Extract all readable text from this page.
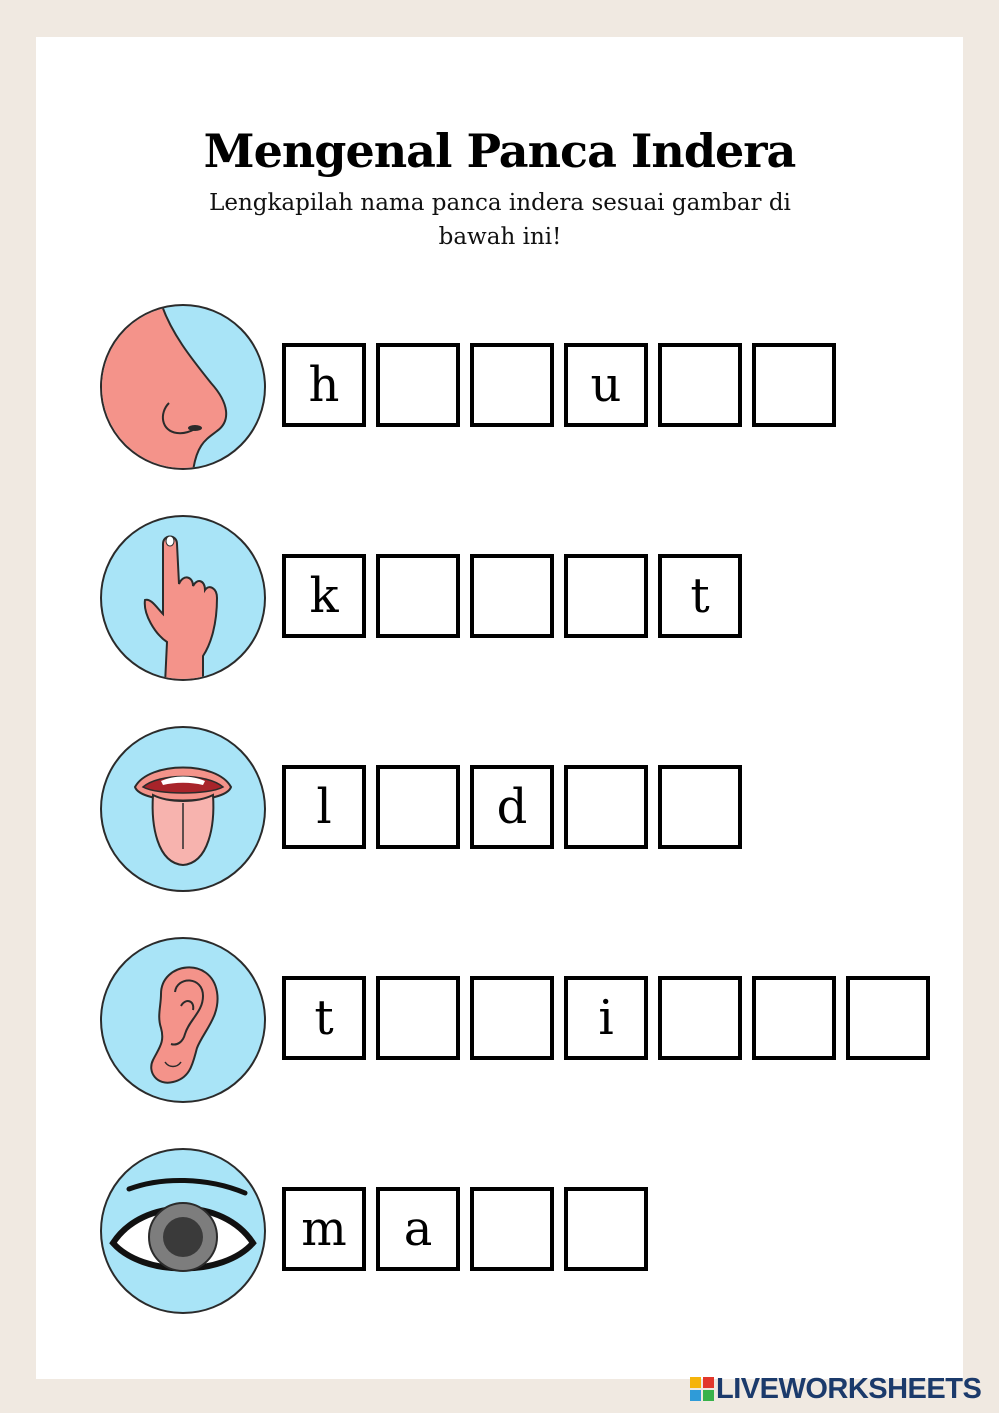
Mengenal Panca Indera

Lengkapilah nama panca indera sesuai gambar di bawah ini!

h	u
k	t
l	d
t	i
m	a
LIVEWORKSHEETS
